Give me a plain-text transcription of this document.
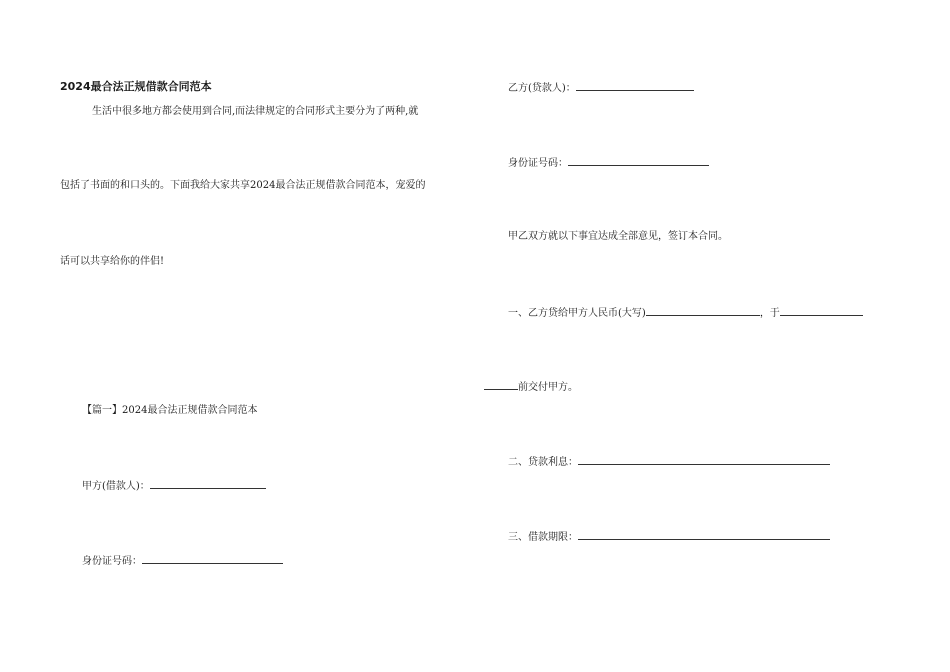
2024最合法正规借款合同范本
生活中很多地方都会使用到合同,而法律规定的合同形式主要分为了两种,就
包括了书面的和口头的。下面我给大家共享2024最合法正规借款合同范本，宠爱的
话可以共享给你的伴侣!
【篇一】2024最合法正规借款合同范本
甲方(借款人)：
身份证号码：
乙方(贷款人)：
身份证号码：
甲乙双方就以下事宜达成全部意见，签订本合同。
一、乙方贷给甲方人民币(大写)	，于
前交付甲方。
二、贷款利息：
三、借款期限：
